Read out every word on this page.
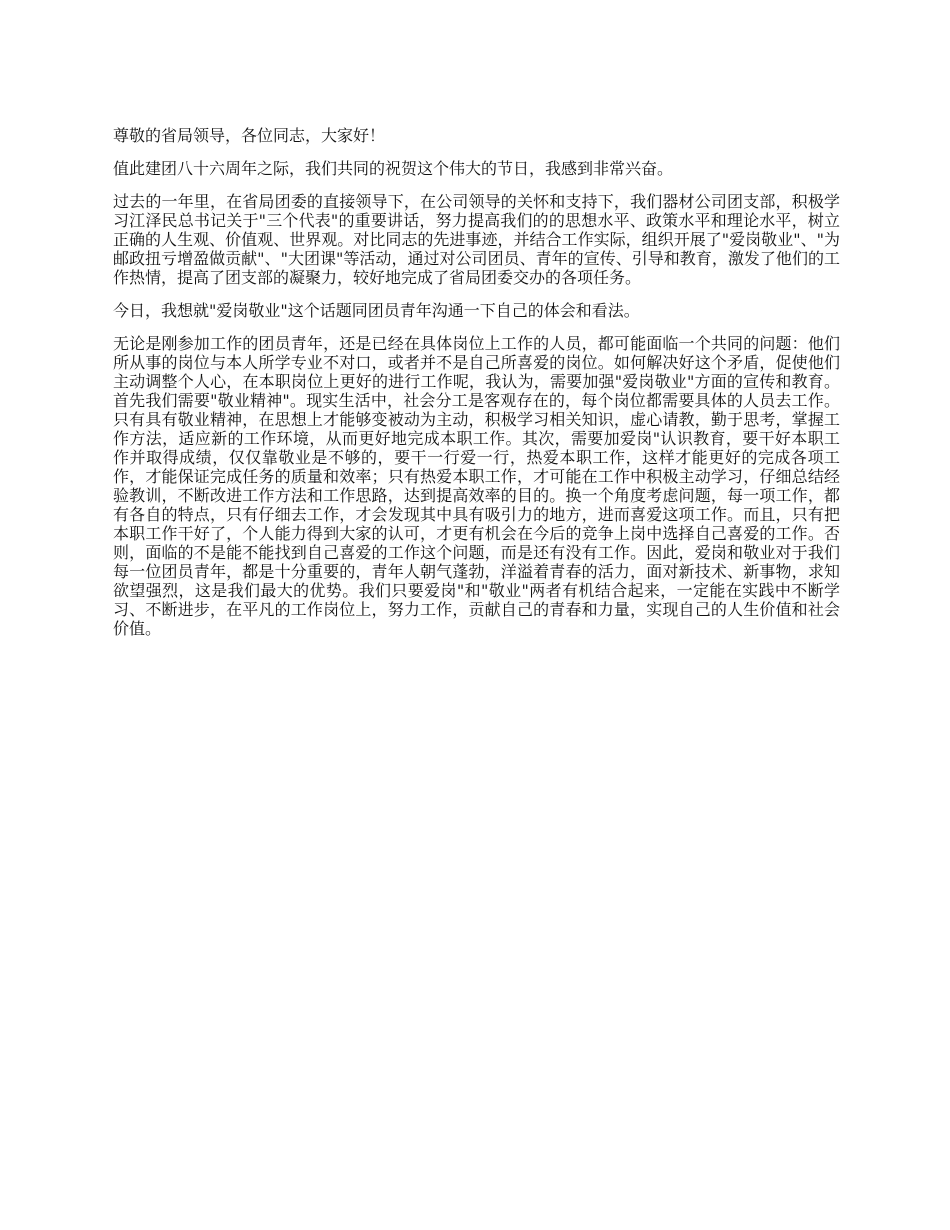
尊敬的省局领导，各位同志，大家好！

值此建团八十六周年之际，我们共同的祝贺这个伟大的节日，我感到非常兴奋。

过去的一年里，在省局团委的直接领导下，在公司领导的关怀和支持下，我们器材公司团支部，积极学习江泽民总书记关于"三个代表"的重要讲话，努力提高我们的的思想水平、政策水平和理论水平，树立正确的人生观、价值观、世界观。对比同志的先进事迹，并结合工作实际，组织开展了"爱岗敬业"、"为邮政扭亏增盈做贡献"、"大团课"等活动，通过对公司团员、青年的宣传、引导和教育，激发了他们的工作热情，提高了团支部的凝聚力，较好地完成了省局团委交办的各项任务。

今日，我想就"爱岗敬业"这个话题同团员青年沟通一下自己的体会和看法。

无论是刚参加工作的团员青年，还是已经在具体岗位上工作的人员，都可能面临一个共同的问题：他们所从事的岗位与本人所学专业不对口，或者并不是自己所喜爱的岗位。如何解决好这个矛盾，促使他们主动调整个人心，在本职岗位上更好的进行工作呢，我认为，需要加强"爱岗敬业"方面的宣传和教育。首先我们需要"敬业精神"。现实生活中，社会分工是客观存在的，每个岗位都需要具体的人员去工作。只有具有敬业精神，在思想上才能够变被动为主动，积极学习相关知识，虚心请教，勤于思考，掌握工作方法，适应新的工作环境，从而更好地完成本职工作。其次，需要加爱岗"认识教育，要干好本职工作并取得成绩，仅仅靠敬业是不够的，要干一行爱一行，热爱本职工作，这样才能更好的完成各项工作，才能保证完成任务的质量和效率；只有热爱本职工作，才可能在工作中积极主动学习，仔细总结经验教训，不断改进工作方法和工作思路，达到提高效率的目的。换一个角度考虑问题，每一项工作，都有各自的特点，只有仔细去工作，才会发现其中具有吸引力的地方，进而喜爱这项工作。而且，只有把本职工作干好了，个人能力得到大家的认可，才更有机会在今后的竞争上岗中选择自己喜爱的工作。否则，面临的不是能不能找到自己喜爱的工作这个问题，而是还有没有工作。因此，爱岗和敬业对于我们每一位团员青年，都是十分重要的，青年人朝气蓬勃，洋溢着青春的活力，面对新技术、新事物，求知欲望强烈，这是我们最大的优势。我们只要爱岗"和"敬业"两者有机结合起来，一定能在实践中不断学习、不断进步，在平凡的工作岗位上，努力工作，贡献自己的青春和力量，实现自己的人生价值和社会价值。
